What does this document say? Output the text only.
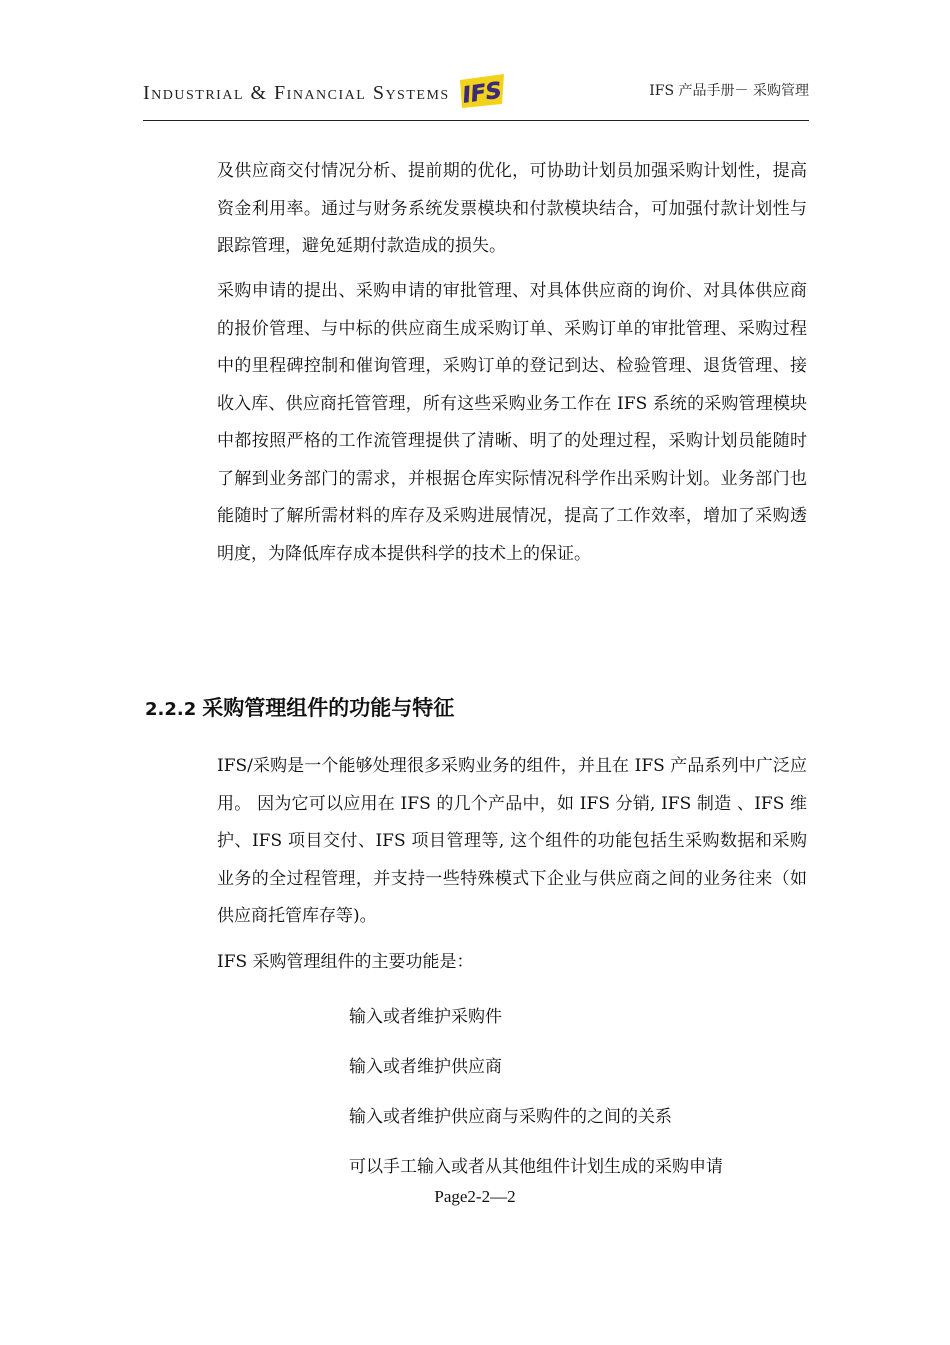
Industrial & Financial Systems IFS	IFS 产品手册－ 采购管理

及供应商交付情况分析、提前期的优化，可协助计划员加强采购计划性，提高资金利用率。通过与财务系统发票模块和付款模块结合，可加强付款计划性与跟踪管理，避免延期付款造成的损失。

采购申请的提出、采购申请的审批管理、对具体供应商的询价、对具体供应商的报价管理、与中标的供应商生成采购订单、采购订单的审批管理、采购过程中的里程碑控制和催询管理，采购订单的登记到达、检验管理、退货管理、接收入库、供应商托管管理，所有这些采购业务工作在 IFS 系统的采购管理模块中都按照严格的工作流管理提供了清晰、明了的处理过程，采购计划员能随时了解到业务部门的需求，并根据仓库实际情况科学作出采购计划。业务部门也能随时了解所需材料的库存及采购进展情况，提高了工作效率，增加了采购透明度，为降低库存成本提供科学的技术上的保证。

2.2.2 采购管理组件的功能与特征

IFS/采购是一个能够处理很多采购业务的组件，并且在 IFS 产品系列中广泛应用。 因为它可以应用在 IFS 的几个产品中，如 IFS 分销, IFS 制造 、IFS 维护、IFS 项目交付、IFS 项目管理等, 这个组件的功能包括生采购数据和采购业务的全过程管理，并支持一些特殊模式下企业与供应商之间的业务往来（如供应商托管库存等)。

IFS 采购管理组件的主要功能是：

输入或者维护采购件
输入或者维护供应商
输入或者维护供应商与采购件的之间的关系
可以手工输入或者从其他组件计划生成的采购申请
Page2-2—2
